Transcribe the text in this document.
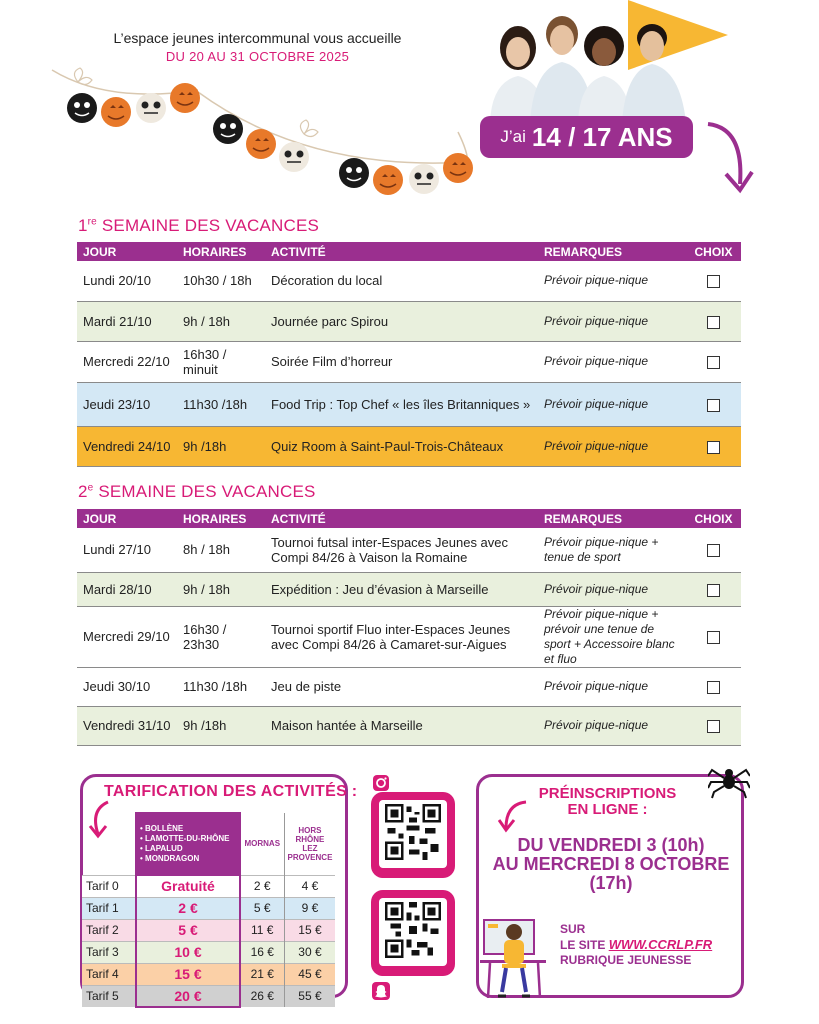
L’espace jeunes intercommunal vous accueille
DU 20 AU 31 OCTOBRE 2025
J’ai 14 / 17 ANS
1re SEMAINE DES VACANCES
JOUR	HORAIRES	ACTIVITÉ	REMARQUES	CHOIX
Lundi 20/10	10h30 / 18h	Décoration du local	Prévoir pique-nique	
Mardi 21/10	9h / 18h	Journée parc Spirou	Prévoir pique-nique	
Mercredi 22/10	16h30 / minuit	Soirée Film d’horreur	Prévoir pique-nique	
Jeudi 23/10	11h30 /18h	Food Trip : Top Chef « les îles Britanniques »	Prévoir pique-nique	
Vendredi 24/10	9h /18h	Quiz Room à Saint-Paul-Trois-Châteaux	Prévoir pique-nique	
2e SEMAINE DES VACANCES
JOUR	HORAIRES	ACTIVITÉ	REMARQUES	CHOIX
Lundi 27/10	8h / 18h	Tournoi futsal inter-Espaces Jeunes avec Compi 84/26 à Vaison la Romaine	Prévoir pique-nique + tenue de sport	
Mardi 28/10	9h / 18h	Expédition : Jeu d’évasion à Marseille	Prévoir pique-nique	
Mercredi 29/10	16h30 / 23h30	Tournoi sportif Fluo inter-Espaces Jeunes avec Compi 84/26 à Camaret-sur-Aigues	Prévoir pique-nique + prévoir une tenue de sport + Accessoire blanc et fluo	
Jeudi 30/10	11h30 /18h	Jeu de piste	Prévoir pique-nique	
Vendredi 31/10	9h /18h	Maison hantée à Marseille	Prévoir pique-nique	
TARIFICATION DES ACTIVITÉS :

	• BOLLÈNE
• LAMOTTE-DU-RHÔNE
• LAPALUD
• MONDRAGON	MORNAS	HORS RHÔNE LEZ PROVENCE
Tarif 0	Gratuité	2 €	4 €
Tarif 1	2 €	5 €	9 €
Tarif 2	5 €	11 €	15 €
Tarif 3	10 €	16 €	30 €
Tarif 4	15 €	21 €	45 €
Tarif 5	20 €	26 €	55 €
PRÉINSCRIPTIONS
EN LIGNE :
DU VENDREDI 3 (10h)
AU MERCREDI 8 OCTOBRE
(17h)
SUR
LE SITE WWW.CCRLP.FR
RUBRIQUE JEUNESSE
